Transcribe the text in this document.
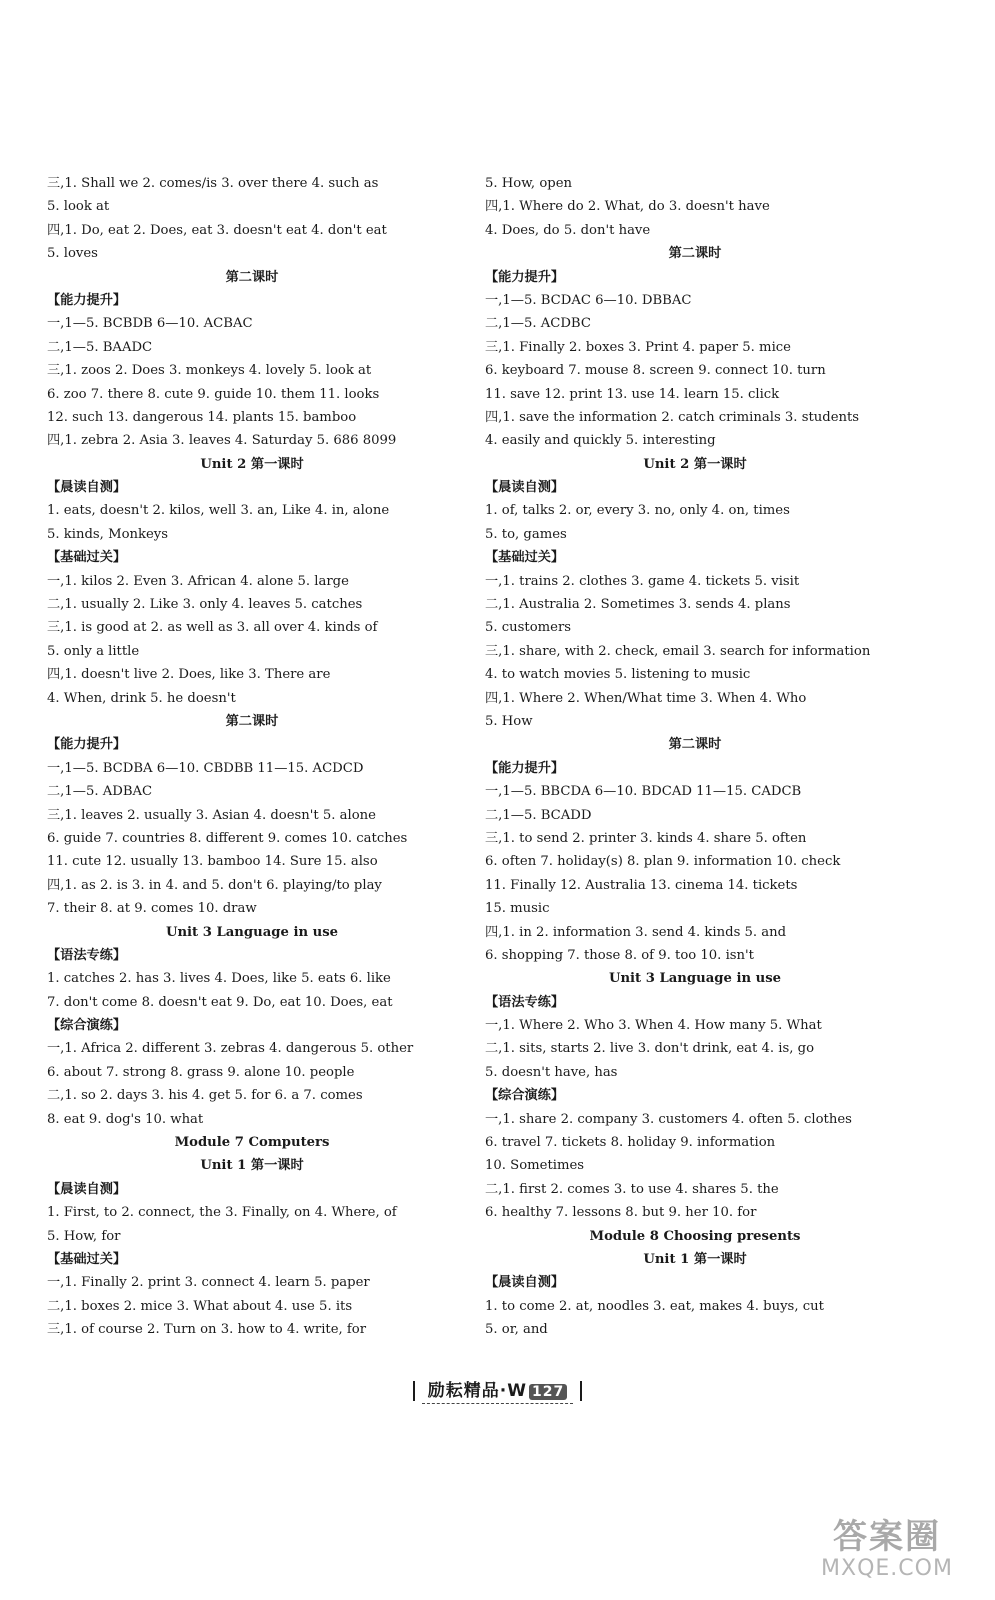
三,1. Shall we 2. comes/is 3. over there 4. such as
5. look at
四,1. Do, eat 2. Does, eat 3. doesn't eat 4. don't eat
5. loves
第二课时
【能力提升】
一,1—5. BCBDB 6—10. ACBAC
二,1—5. BAADC
三,1. zoos 2. Does 3. monkeys 4. lovely 5. look at
6. zoo 7. there 8. cute 9. guide 10. them 11. looks
12. such 13. dangerous 14. plants 15. bamboo
四,1. zebra 2. Asia 3. leaves 4. Saturday 5. 686 8099
Unit 2 第一课时
【晨读自测】
1. eats, doesn't 2. kilos, well 3. an, Like 4. in, alone
5. kinds, Monkeys
【基础过关】
一,1. kilos 2. Even 3. African 4. alone 5. large
二,1. usually 2. Like 3. only 4. leaves 5. catches
三,1. is good at 2. as well as 3. all over 4. kinds of
5. only a little
四,1. doesn't live 2. Does, like 3. There are
4. When, drink 5. he doesn't
第二课时
【能力提升】
一,1—5. BCDBA 6—10. CBDBB 11—15. ACDCD
二,1—5. ADBAC
三,1. leaves 2. usually 3. Asian 4. doesn't 5. alone
6. guide 7. countries 8. different 9. comes 10. catches
11. cute 12. usually 13. bamboo 14. Sure 15. also
四,1. as 2. is 3. in 4. and 5. don't 6. playing/to play
7. their 8. at 9. comes 10. draw
Unit 3 Language in use
【语法专练】
1. catches 2. has 3. lives 4. Does, like 5. eats 6. like
7. don't come 8. doesn't eat 9. Do, eat 10. Does, eat
【综合演练】
一,1. Africa 2. different 3. zebras 4. dangerous 5. other
6. about 7. strong 8. grass 9. alone 10. people
二,1. so 2. days 3. his 4. get 5. for 6. a 7. comes
8. eat 9. dog's 10. what
Module 7 Computers
Unit 1 第一课时
【晨读自测】
1. First, to 2. connect, the 3. Finally, on 4. Where, of
5. How, for
【基础过关】
一,1. Finally 2. print 3. connect 4. learn 5. paper
二,1. boxes 2. mice 3. What about 4. use 5. its
三,1. of course 2. Turn on 3. how to 4. write, for
5. How, open
四,1. Where do 2. What, do 3. doesn't have
4. Does, do 5. don't have
第二课时
【能力提升】
一,1—5. BCDAC 6—10. DBBAC
二,1—5. ACDBC
三,1. Finally 2. boxes 3. Print 4. paper 5. mice
6. keyboard 7. mouse 8. screen 9. connect 10. turn
11. save 12. print 13. use 14. learn 15. click
四,1. save the information 2. catch criminals 3. students
4. easily and quickly 5. interesting
Unit 2 第一课时
【晨读自测】
1. of, talks 2. or, every 3. no, only 4. on, times
5. to, games
【基础过关】
一,1. trains 2. clothes 3. game 4. tickets 5. visit
二,1. Australia 2. Sometimes 3. sends 4. plans
5. customers
三,1. share, with 2. check, email 3. search for information
4. to watch movies 5. listening to music
四,1. Where 2. When/What time 3. When 4. Who
5. How
第二课时
【能力提升】
一,1—5. BBCDA 6—10. BDCAD 11—15. CADCB
二,1—5. BCADD
三,1. to send 2. printer 3. kinds 4. share 5. often
6. often 7. holiday(s) 8. plan 9. information 10. check
11. Finally 12. Australia 13. cinema 14. tickets
15. music
四,1. in 2. information 3. send 4. kinds 5. and
6. shopping 7. those 8. of 9. too 10. isn't
Unit 3 Language in use
【语法专练】
一,1. Where 2. Who 3. When 4. How many 5. What
二,1. sits, starts 2. live 3. don't drink, eat 4. is, go
5. doesn't have, has
【综合演练】
一,1. share 2. company 3. customers 4. often 5. clothes
6. travel 7. tickets 8. holiday 9. information
10. Sometimes
二,1. first 2. comes 3. to use 4. shares 5. the
6. healthy 7. lessons 8. but 9. her 10. for
Module 8 Choosing presents
Unit 1 第一课时
【晨读自测】
1. to come 2. at, noodles 3. eat, makes 4. buys, cut
5. or, and
励耘精品·W 127
答案圈
MXQE.COM
